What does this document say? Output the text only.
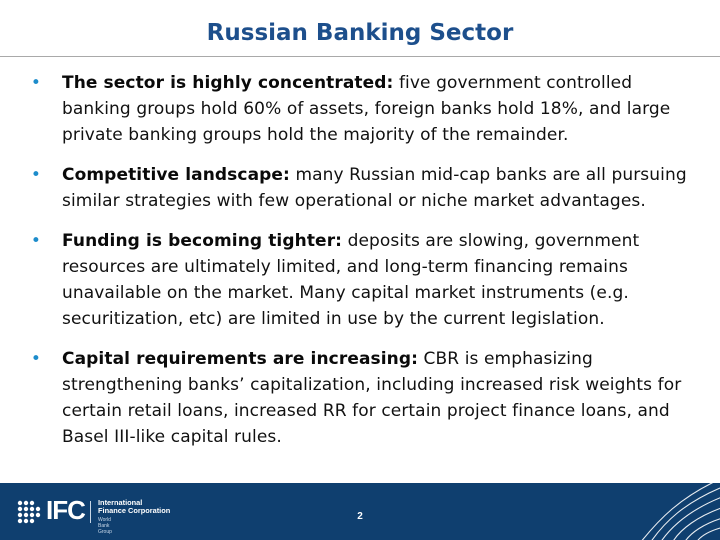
Russian Banking Sector
• The sector is highly concentrated: five government controlled banking groups hold 60% of assets, foreign banks hold 18%, and large private banking groups hold the majority of the remainder.
• Competitive landscape: many Russian mid-cap banks are all pursuing similar strategies with few operational or niche market advantages.
• Funding is becoming tighter: deposits are slowing, government resources are ultimately limited, and long-term financing remains unavailable on the market. Many capital market instruments (e.g. securitization, etc) are limited in use by the current legislation.
• Capital requirements are increasing: CBR is emphasizing strengthening banks’ capitalization, including increased risk weights for certain retail loans, increased RR for certain project finance loans, and Basel III-like capital rules.
IFC International
Finance Corporation
World Bank Group
2
